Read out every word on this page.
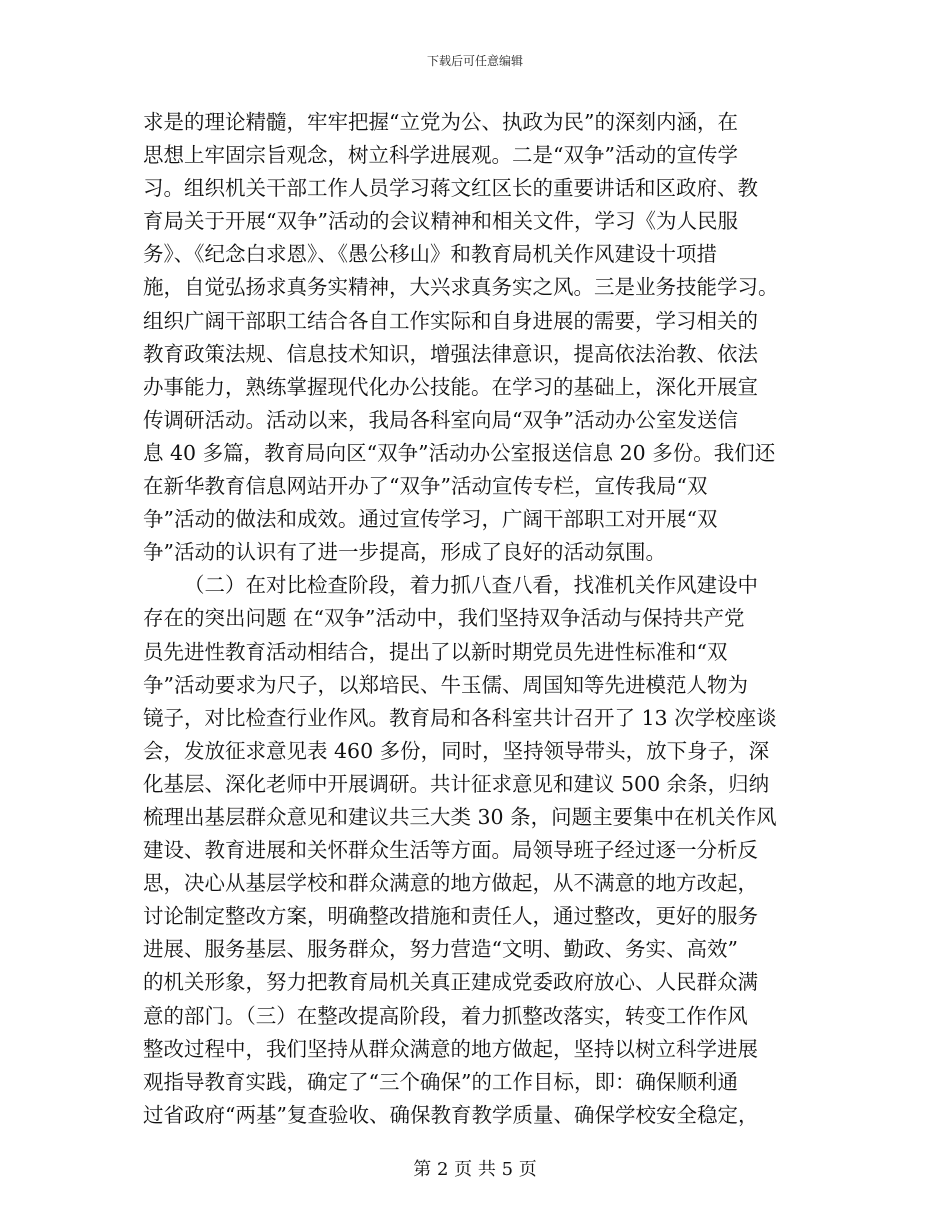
下载后可任意编辑
求是的理论精髓，牢牢把握“立党为公、执政为民”的深刻内涵，在
思想上牢固宗旨观念，树立科学进展观。二是“双争”活动的宣传学
习。组织机关干部工作人员学习蒋文红区长的重要讲话和区政府、教
育局关于开展“双争”活动的会议精神和相关文件，学习《为人民服
务》、《纪念白求恩》、《愚公移山》和教育局机关作风建设十项措
施，自觉弘扬求真务实精神，大兴求真务实之风。三是业务技能学习。
组织广阔干部职工结合各自工作实际和自身进展的需要，学习相关的
教育政策法规、信息技术知识，增强法律意识，提高依法治教、依法
办事能力，熟练掌握现代化办公技能。在学习的基础上，深化开展宣
传调研活动。活动以来，我局各科室向局“双争”活动办公室发送信
息 40 多篇，教育局向区“双争”活动办公室报送信息 20 多份。我们还
在新华教育信息网站开办了“双争”活动宣传专栏，宣传我局“双
争”活动的做法和成效。通过宣传学习，广阔干部职工对开展“双
争”活动的认识有了进一步提高，形成了良好的活动氛围。
（二）在对比检查阶段，着力抓八查八看，找准机关作风建设中
存在的突出问题 在“双争”活动中，我们坚持双争活动与保持共产党
员先进性教育活动相结合，提出了以新时期党员先进性标准和“双
争”活动要求为尺子，以郑培民、牛玉儒、周国知等先进模范人物为
镜子，对比检查行业作风。教育局和各科室共计召开了 13 次学校座谈
会，发放征求意见表 460 多份，同时，坚持领导带头，放下身子，深
化基层、深化老师中开展调研。共计征求意见和建议 500 余条，归纳
梳理出基层群众意见和建议共三大类 30 条，问题主要集中在机关作风
建设、教育进展和关怀群众生活等方面。局领导班子经过逐一分析反
思，决心从基层学校和群众满意的地方做起，从不满意的地方改起，
讨论制定整改方案，明确整改措施和责任人，通过整改，更好的服务
进展、服务基层、服务群众，努力营造“文明、勤政、务实、高效”
的机关形象，努力把教育局机关真正建成党委政府放心、人民群众满
意的部门。（三）在整改提高阶段，着力抓整改落实，转变工作作风
整改过程中，我们坚持从群众满意的地方做起，坚持以树立科学进展
观指导教育实践，确定了“三个确保”的工作目标，即：确保顺利通
过省政府“两基”复查验收、确保教育教学质量、确保学校安全稳定，
第 2 页 共 5 页
